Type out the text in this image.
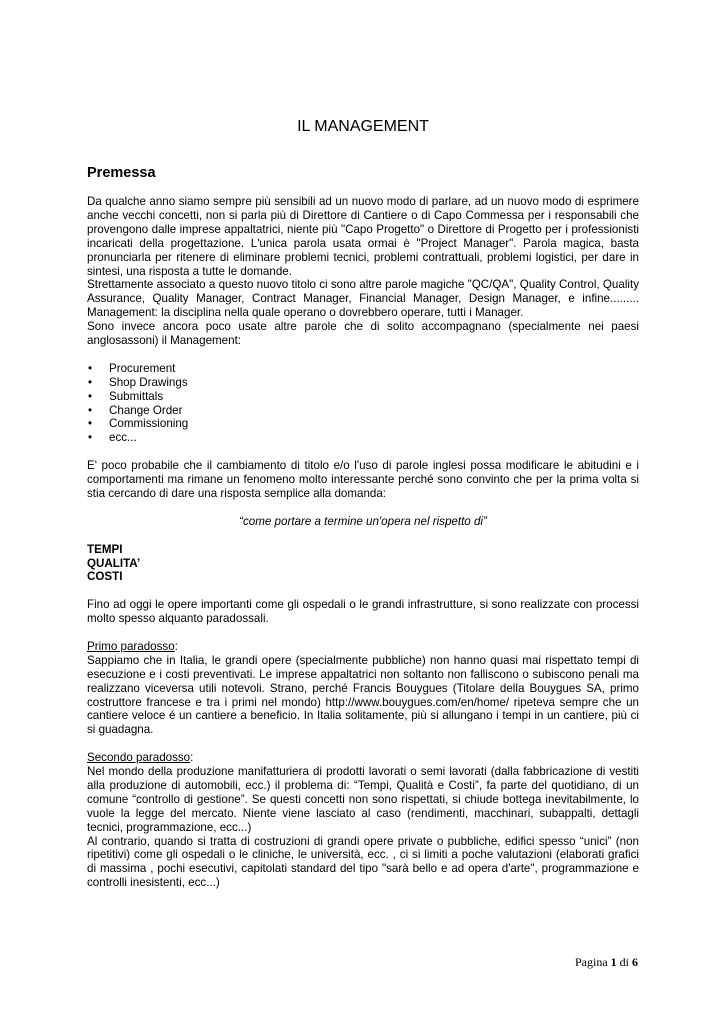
IL MANAGEMENT
Premessa

Da qualche anno siamo sempre più sensibili ad un nuovo modo di parlare, ad un nuovo modo di esprimere anche vecchi concetti, non si parla più di Direttore di Cantiere o di Capo Commessa per i responsabili che provengono dalle imprese appaltatrici, niente più "Capo Progetto" o Direttore di Progetto per i professionisti incaricati della progettazione. L'unica parola usata ormai è "Project Manager". Parola magica, basta pronunciarla per ritenere di eliminare problemi tecnici, problemi contrattuali, problemi logistici, per dare in sintesi, una risposta a tutte le domande.

Strettamente associato a questo nuovo titolo ci sono altre parole magiche "QC/QA", Quality Control, Quality Assurance, Quality Manager, Contract Manager, Financial Manager, Design Manager, e infine......... Management: la disciplina nella quale operano o dovrebbero operare, tutti i Manager.

Sono invece ancora poco usate altre parole che di solito accompagnano (specialmente nei paesi anglosassoni) il Management:

• Procurement
• Shop Drawings
• Submittals
• Change Order
• Commissioning
• ecc...

E' poco probabile che il cambiamento di titolo e/o l'uso di parole inglesi possa modificare le abitudini e i comportamenti ma rimane un fenomeno molto interessante perché sono convinto che per la prima volta si stia cercando di dare una risposta semplice alla domanda:

“come portare a termine un'opera nel rispetto di”

TEMPI
QUALITA’
COSTI

Fino ad oggi le opere importanti come gli ospedali o le grandi infrastrutture, si sono realizzate con processi molto spesso alquanto paradossali.

Primo paradosso:

Sappiamo che in Italia, le grandi opere (specialmente pubbliche) non hanno quasi mai rispettato tempi di esecuzione e i costi preventivati. Le imprese appaltatrici non soltanto non falliscono o subiscono penali ma realizzano viceversa utili notevoli. Strano, perché Francis Bouygues (Titolare della Bouygues SA, primo costruttore francese e tra i primi nel mondo) http://www.bouygues.com/en/home/ ripeteva sempre che un cantiere veloce é un cantiere a beneficio. In Italia solitamente, più si allungano i tempi in un cantiere, più ci si guadagna.

Secondo paradosso:

Nel mondo della produzione manifatturiera di prodotti lavorati o semi lavorati (dalla fabbricazione di vestiti alla produzione di automobili, ecc.) il problema di: “Tempi, Qualità e Costi”, fa parte del quotidiano, di un comune “controllo di gestione”. Se questi concetti non sono rispettati, si chiude bottega inevitabilmente, lo vuole la legge del mercato. Niente viene lasciato al caso (rendimenti, macchinari, subappalti, dettagli tecnici, programmazione, ecc...)

Al contrario, quando si tratta di costruzioni di grandi opere private o pubbliche, edifici spesso “unici” (non ripetitivi) come gli ospedali o le cliniche, le università, ecc. , ci si limiti a poche valutazioni (elaborati grafici di massima , pochi esecutivi, capitolati standard del tipo "sarà bello e ad opera d'arte", programmazione e controlli inesistenti, ecc...)

Pagina 1 di 6
